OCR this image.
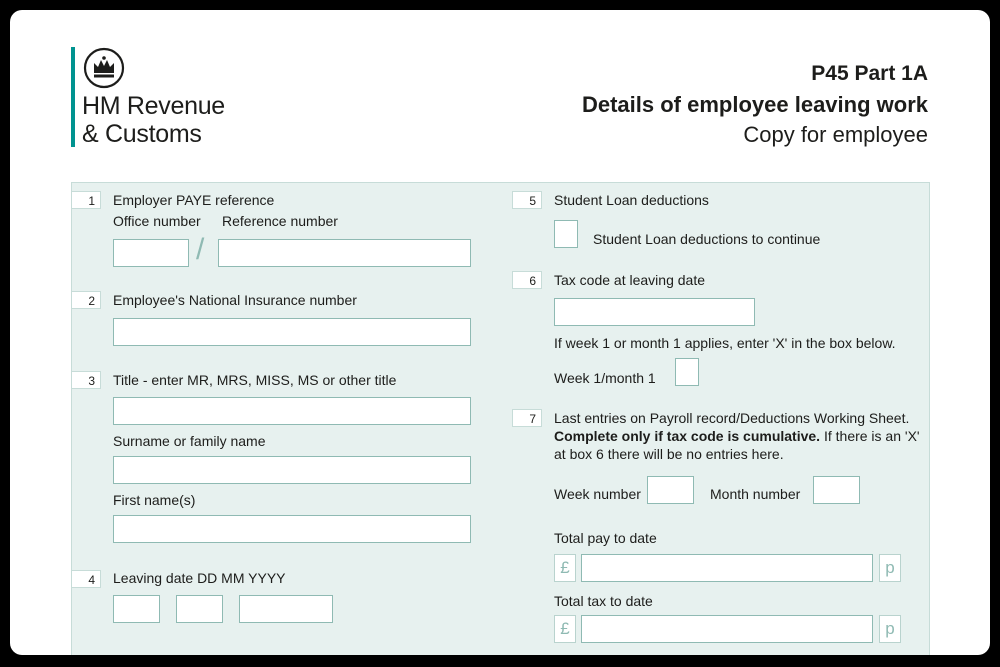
HM Revenue
& Customs
P45 Part 1A
Details of employee leaving work
Copy for employee
1	Employer PAYE reference
Office number Reference number
/
2	Employee's National Insurance number
3	Title - enter MR, MRS, MISS, MS or other title
Surname or family name
First name(s)
4	Leaving date DD MM YYYY
5	Student Loan deductions
Student Loan deductions to continue
6	Tax code at leaving date
If week 1 or month 1 applies, enter 'X' in the box below.
Week 1/month 1
7	Last entries on Payroll record/Deductions Working Sheet.
Complete only if tax code is cumulative. If there is an 'X'
at box 6 there will be no entries here.
Week number	Month number
Total pay to date
£	p
Total tax to date
£	p
